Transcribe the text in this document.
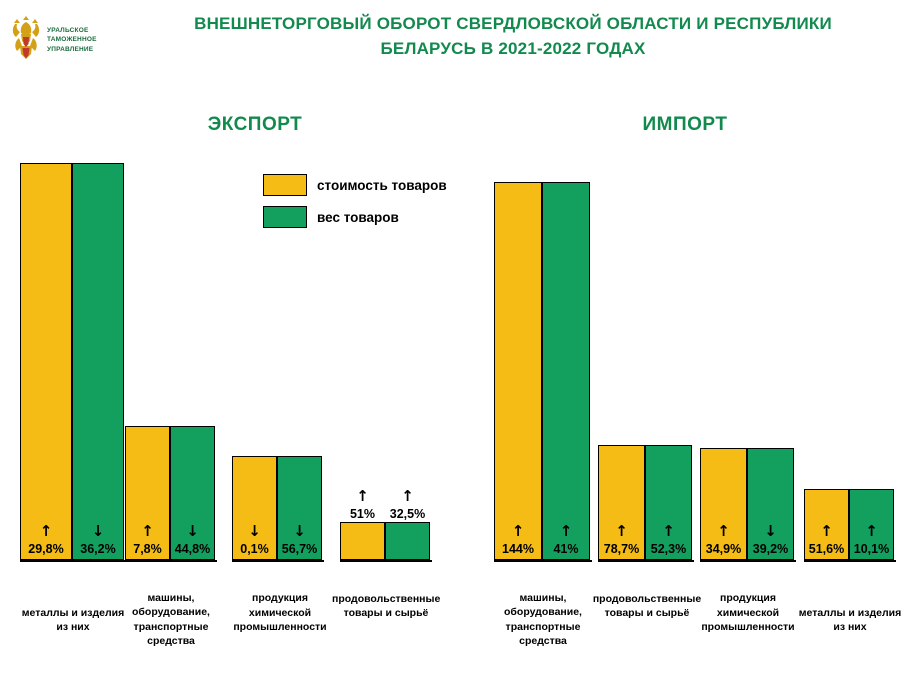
УРАЛЬСКОЕ
ТАМОЖЕННОЕ
УПРАВЛЕНИЕ
ВНЕШНЕТОРГОВЫЙ ОБОРОТ СВЕРДЛОВСКОЙ ОБЛАСТИ И РЕСПУБЛИКИ БЕЛАРУСЬ В 2021-2022 ГОДАХ
ЭКСПОРТ	ИМПОРТ
стоимость товаров
вес товаров
↑
29,8%
↓
36,2%
металлы и изделия из них
↑
7,8%
↓
44,8%
машины, оборудование, транспортные средства
↓
0,1%
↓
56,7%
продукция химической промышленности
↑
51%
↑
32,5%
продовольственные товары и сырьё
↑
144%
↑
41%
машины, оборудование, транспортные средства
↑
78,7%
↑
52,3%
продовольственные товары и сырьё
↑
34,9%
↓
39,2%
продукция химической промышленности
↑
51,6%
↑
10,1%
металлы и изделия из них
